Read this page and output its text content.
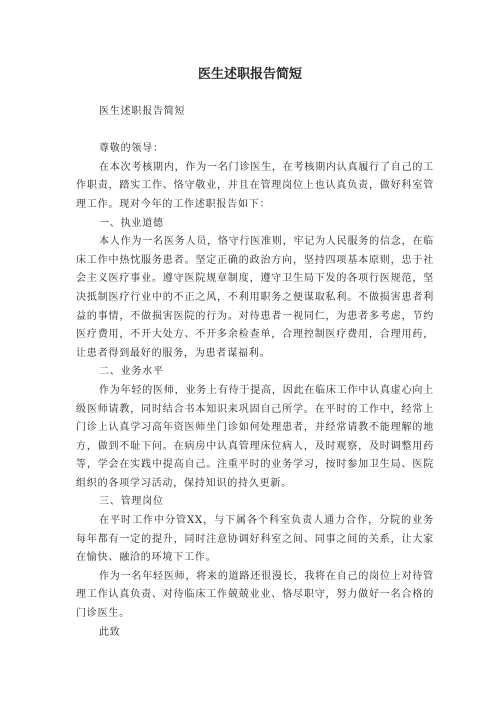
医生述职报告简短

医生述职报告简短

尊敬的领导：

在本次考核期内，作为一名门诊医生，在考核期内认真履行了自己的工作职责，踏实工作、恪守敬业，并且在管理岗位上也认真负责，做好科室管理工作。现对今年的工作述职报告如下：

一、执业道德

本人作为一名医务人员，恪守行医准则，牢记为人民服务的信念，在临床工作中热忱服务患者。坚定正确的政治方向，坚持四项基本原则，忠于社会主义医疗事业。遵守医院规章制度，遵守卫生局下发的各项行医规范，坚决抵制医疗行业中的不正之风，不利用职务之便谋取私利。不做损害患者利益的事情，不做损害医院的行为。对待患者一视同仁，为患者多考虑，节约医疗费用，不开大处方、不开多余检查单，合理控制医疗费用，合理用药，让患者得到最好的服务，为患者谋福利。

二、业务水平

作为年轻的医师，业务上有待于提高，因此在临床工作中认真虚心向上级医师请教，同时结合书本知识来巩固自己所学。在平时的工作中，经常上门诊上认真学习高年资医师坐门诊如何处理患者，并经常请教不能理解的地方，做到不耻下问。在病房中认真管理床位病人，及时观察，及时调整用药等，学会在实践中提高自己。注重平时的业务学习，按时参加卫生局、医院组织的各项学习活动，保持知识的持久更新。

三、管理岗位

在平时工作中分管XX，与下属各个科室负责人通力合作，分院的业务每年都有一定的提升，同时注意协调好科室之间、同事之间的关系，让大家在愉快、融洽的环境下工作。

作为一名年轻医师，将来的道路还很漫长，我将在自己的岗位上对待管理工作认真负责、对待临床工作兢兢业业、恪尽职守，努力做好一名合格的门诊医生。

此致
